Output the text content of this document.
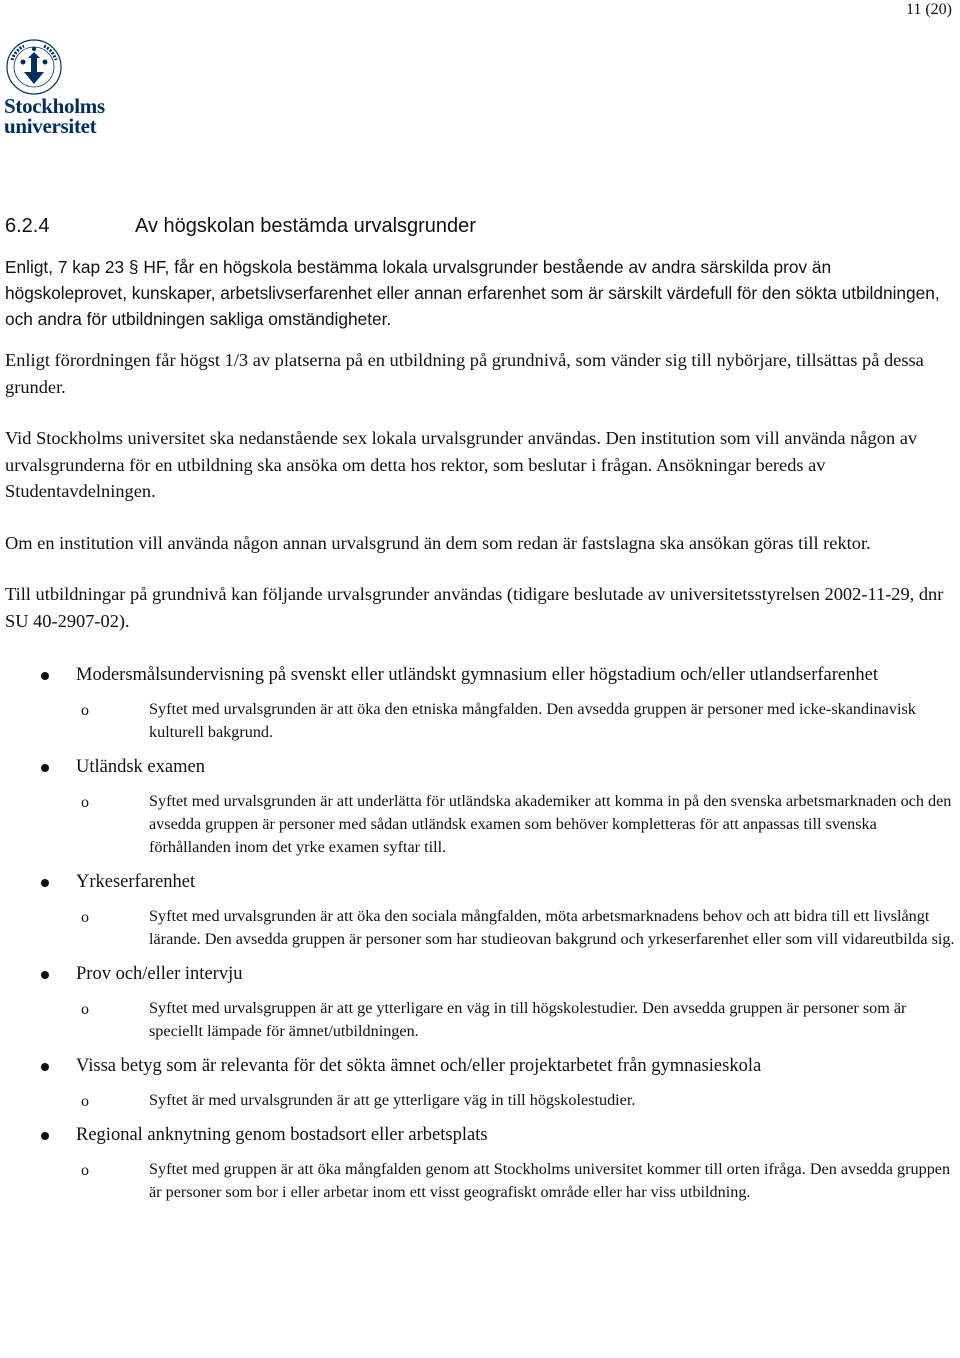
11 (20)
Stockholms
universitet
6.2.4	Av högskolan bestämda urvalsgrunder

Enligt, 7 kap 23 § HF, får en högskola bestämma lokala urvalsgrunder bestående av andra särskilda prov än högskoleprovet, kunskaper, arbetslivserfarenhet eller annan erfarenhet som är särskilt värdefull för den sökta utbildningen, och andra för utbildningen sakliga omständigheter.

Enligt förordningen får högst 1/3 av platserna på en utbildning på grundnivå, som vänder sig till nybörjare, tillsättas på dessa grunder.

Vid Stockholms universitet ska nedanstående sex lokala urvalsgrunder användas. Den institution som vill använda någon av urvalsgrunderna för en utbildning ska ansöka om detta hos rektor, som beslutar i frågan. Ansökningar bereds av Studentavdelningen.

Om en institution vill använda någon annan urvalsgrund än dem som redan är fastslagna ska ansökan göras till rektor.

Till utbildningar på grundnivå kan följande urvalsgrunder användas (tidigare beslutade av universitetsstyrelsen 2002-11-29, dnr SU 40-2907-02).

Modersmålsundervisning på svenskt eller utländskt gymnasium eller högstadium och/eller utlandserfarenhet
o	Syftet med urvalsgrunden är att öka den etniska mångfalden. Den avsedda gruppen är personer med icke-skandinavisk kulturell bakgrund.
Utländsk examen
o	Syftet med urvalsgrunden är att underlätta för utländska akademiker att komma in på den svenska arbetsmarknaden och den avsedda gruppen är personer med sådan utländsk examen som behöver kompletteras för att anpassas till svenska förhållanden inom det yrke examen syftar till.
Yrkeserfarenhet
o	Syftet med urvalsgrunden är att öka den sociala mångfalden, möta arbetsmarknadens behov och att bidra till ett livslångt lärande. Den avsedda gruppen är personer som har studieovan bakgrund och yrkeserfarenhet eller som vill vidareutbilda sig.
Prov och/eller intervju
o	Syftet med urvalsgruppen är att ge ytterligare en väg in till högskolestudier. Den avsedda gruppen är personer som är speciellt lämpade för ämnet/utbildningen.
Vissa betyg som är relevanta för det sökta ämnet och/eller projektarbetet från gymnasieskola
o	Syftet är med urvalsgrunden är att ge ytterligare väg in till högskolestudier.
Regional anknytning genom bostadsort eller arbetsplats
o	Syftet med gruppen är att öka mångfalden genom att Stockholms universitet kommer till orten ifråga. Den avsedda gruppen är personer som bor i eller arbetar inom ett visst geografiskt område eller har viss utbildning.
